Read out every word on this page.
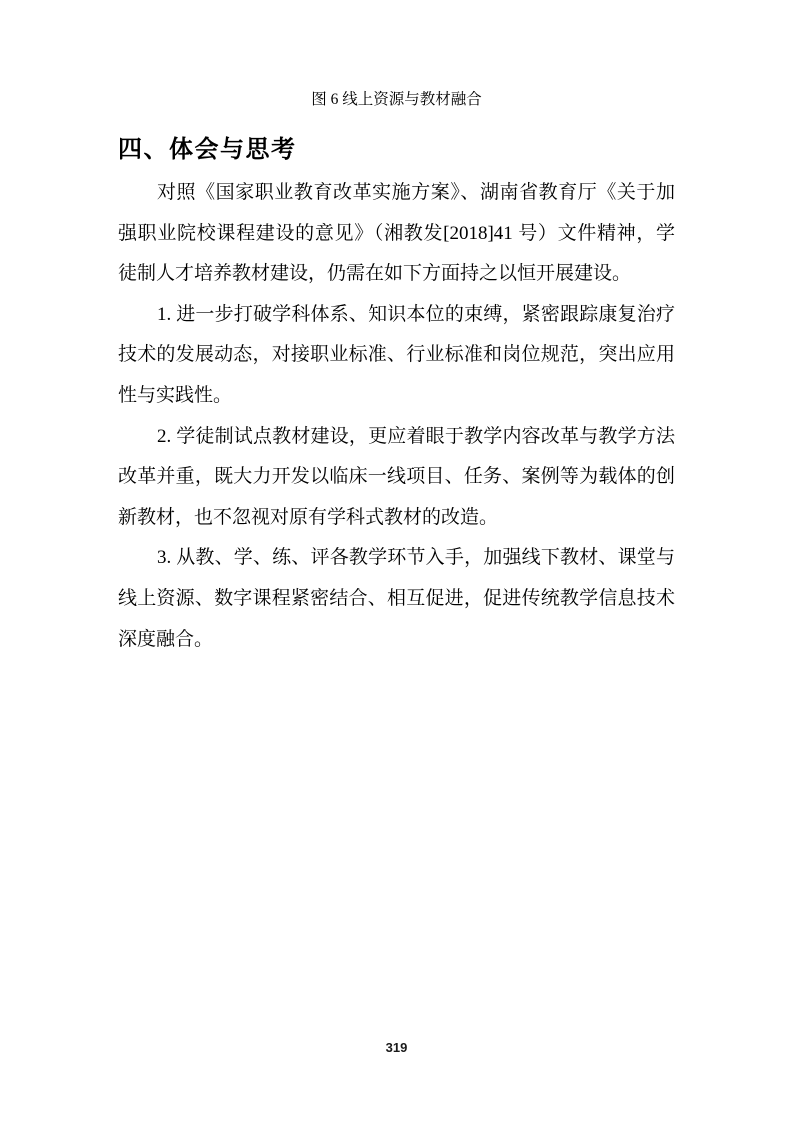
图 6 线上资源与教材融合
四、体会与思考

对照《国家职业教育改革实施方案》、湖南省教育厅《关于加强职业院校课程建设的意见》（湘教发[2018]41 号）文件精神，学徒制人才培养教材建设，仍需在如下方面持之以恒开展建设。

1. 进一步打破学科体系、知识本位的束缚，紧密跟踪康复治疗技术的发展动态，对接职业标准、行业标准和岗位规范，突出应用性与实践性。

2. 学徒制试点教材建设，更应着眼于教学内容改革与教学方法改革并重，既大力开发以临床一线项目、任务、案例等为载体的创新教材，也不忽视对原有学科式教材的改造。

3. 从教、学、练、评各教学环节入手，加强线下教材、课堂与线上资源、数字课程紧密结合、相互促进，促进传统教学信息技术深度融合。

319
